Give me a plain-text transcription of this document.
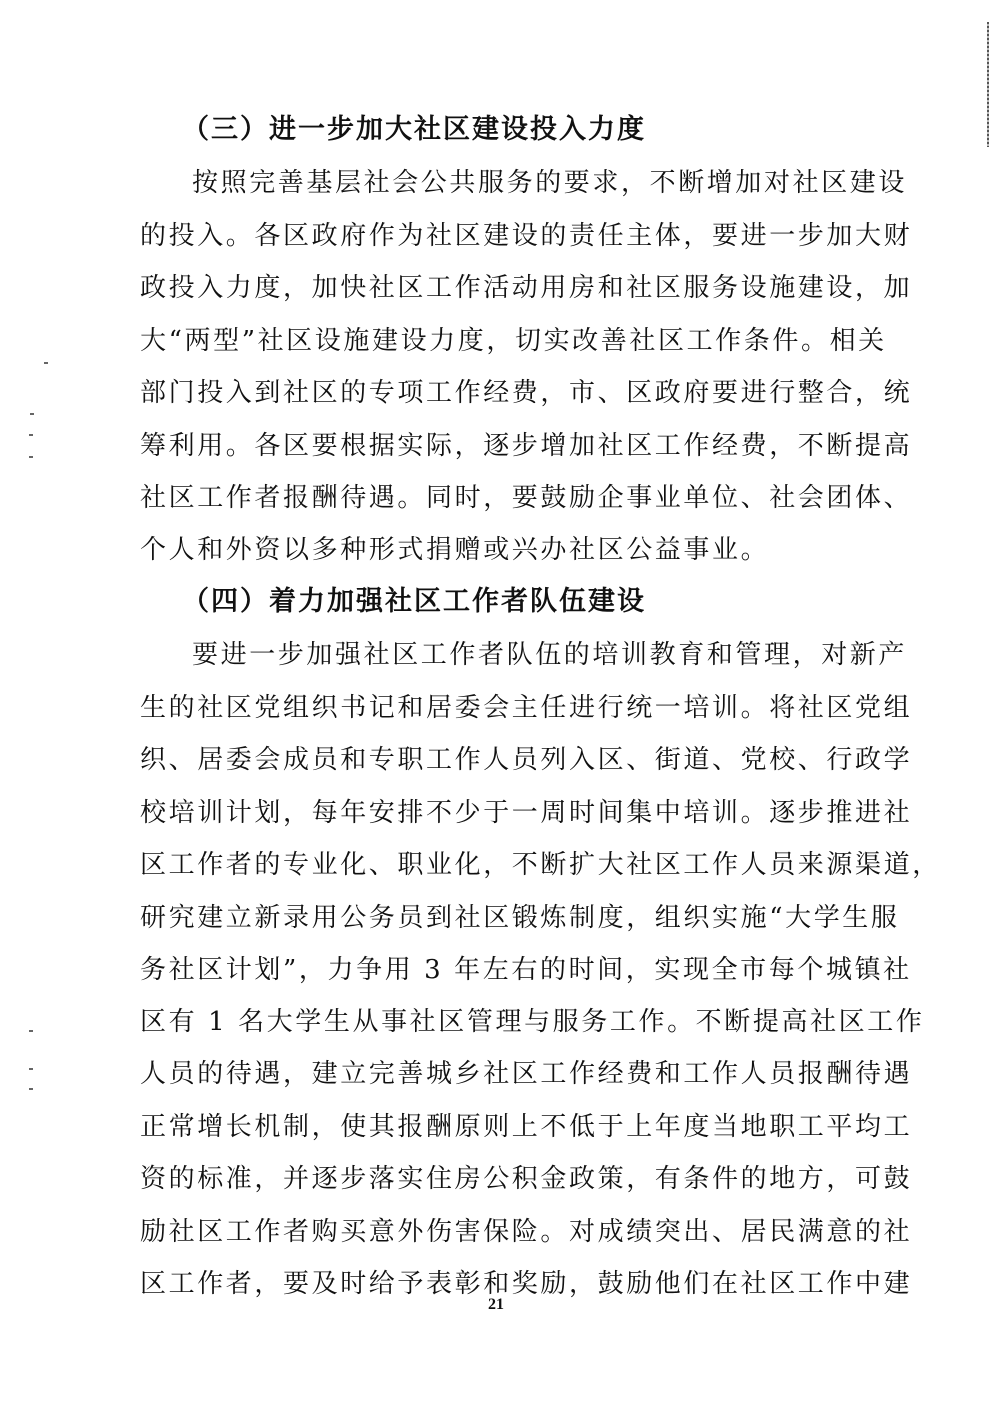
（三）进一步加大社区建设投入力度
按照完善基层社会公共服务的要求，不断增加对社区建设
的投入。各区政府作为社区建设的责任主体，要进一步加大财
政投入力度，加快社区工作活动用房和社区服务设施建设，加
大“两型”社区设施建设力度，切实改善社区工作条件。相关
部门投入到社区的专项工作经费，市、区政府要进行整合，统
筹利用。各区要根据实际，逐步增加社区工作经费，不断提高
社区工作者报酬待遇。同时，要鼓励企事业单位、社会团体、
个人和外资以多种形式捐赠或兴办社区公益事业。
（四）着力加强社区工作者队伍建设
要进一步加强社区工作者队伍的培训教育和管理，对新产
生的社区党组织书记和居委会主任进行统一培训。将社区党组
织、居委会成员和专职工作人员列入区、街道、党校、行政学
校培训计划，每年安排不少于一周时间集中培训。逐步推进社
区工作者的专业化、职业化，不断扩大社区工作人员来源渠道，
研究建立新录用公务员到社区锻炼制度，组织实施“大学生服
务社区计划”，力争用 3 年左右的时间，实现全市每个城镇社
区有 1 名大学生从事社区管理与服务工作。不断提高社区工作
人员的待遇，建立完善城乡社区工作经费和工作人员报酬待遇
正常增长机制，使其报酬原则上不低于上年度当地职工平均工
资的标准，并逐步落实住房公积金政策，有条件的地方，可鼓
励社区工作者购买意外伤害保险。对成绩突出、居民满意的社
区工作者，要及时给予表彰和奖励，鼓励他们在社区工作中建
21
